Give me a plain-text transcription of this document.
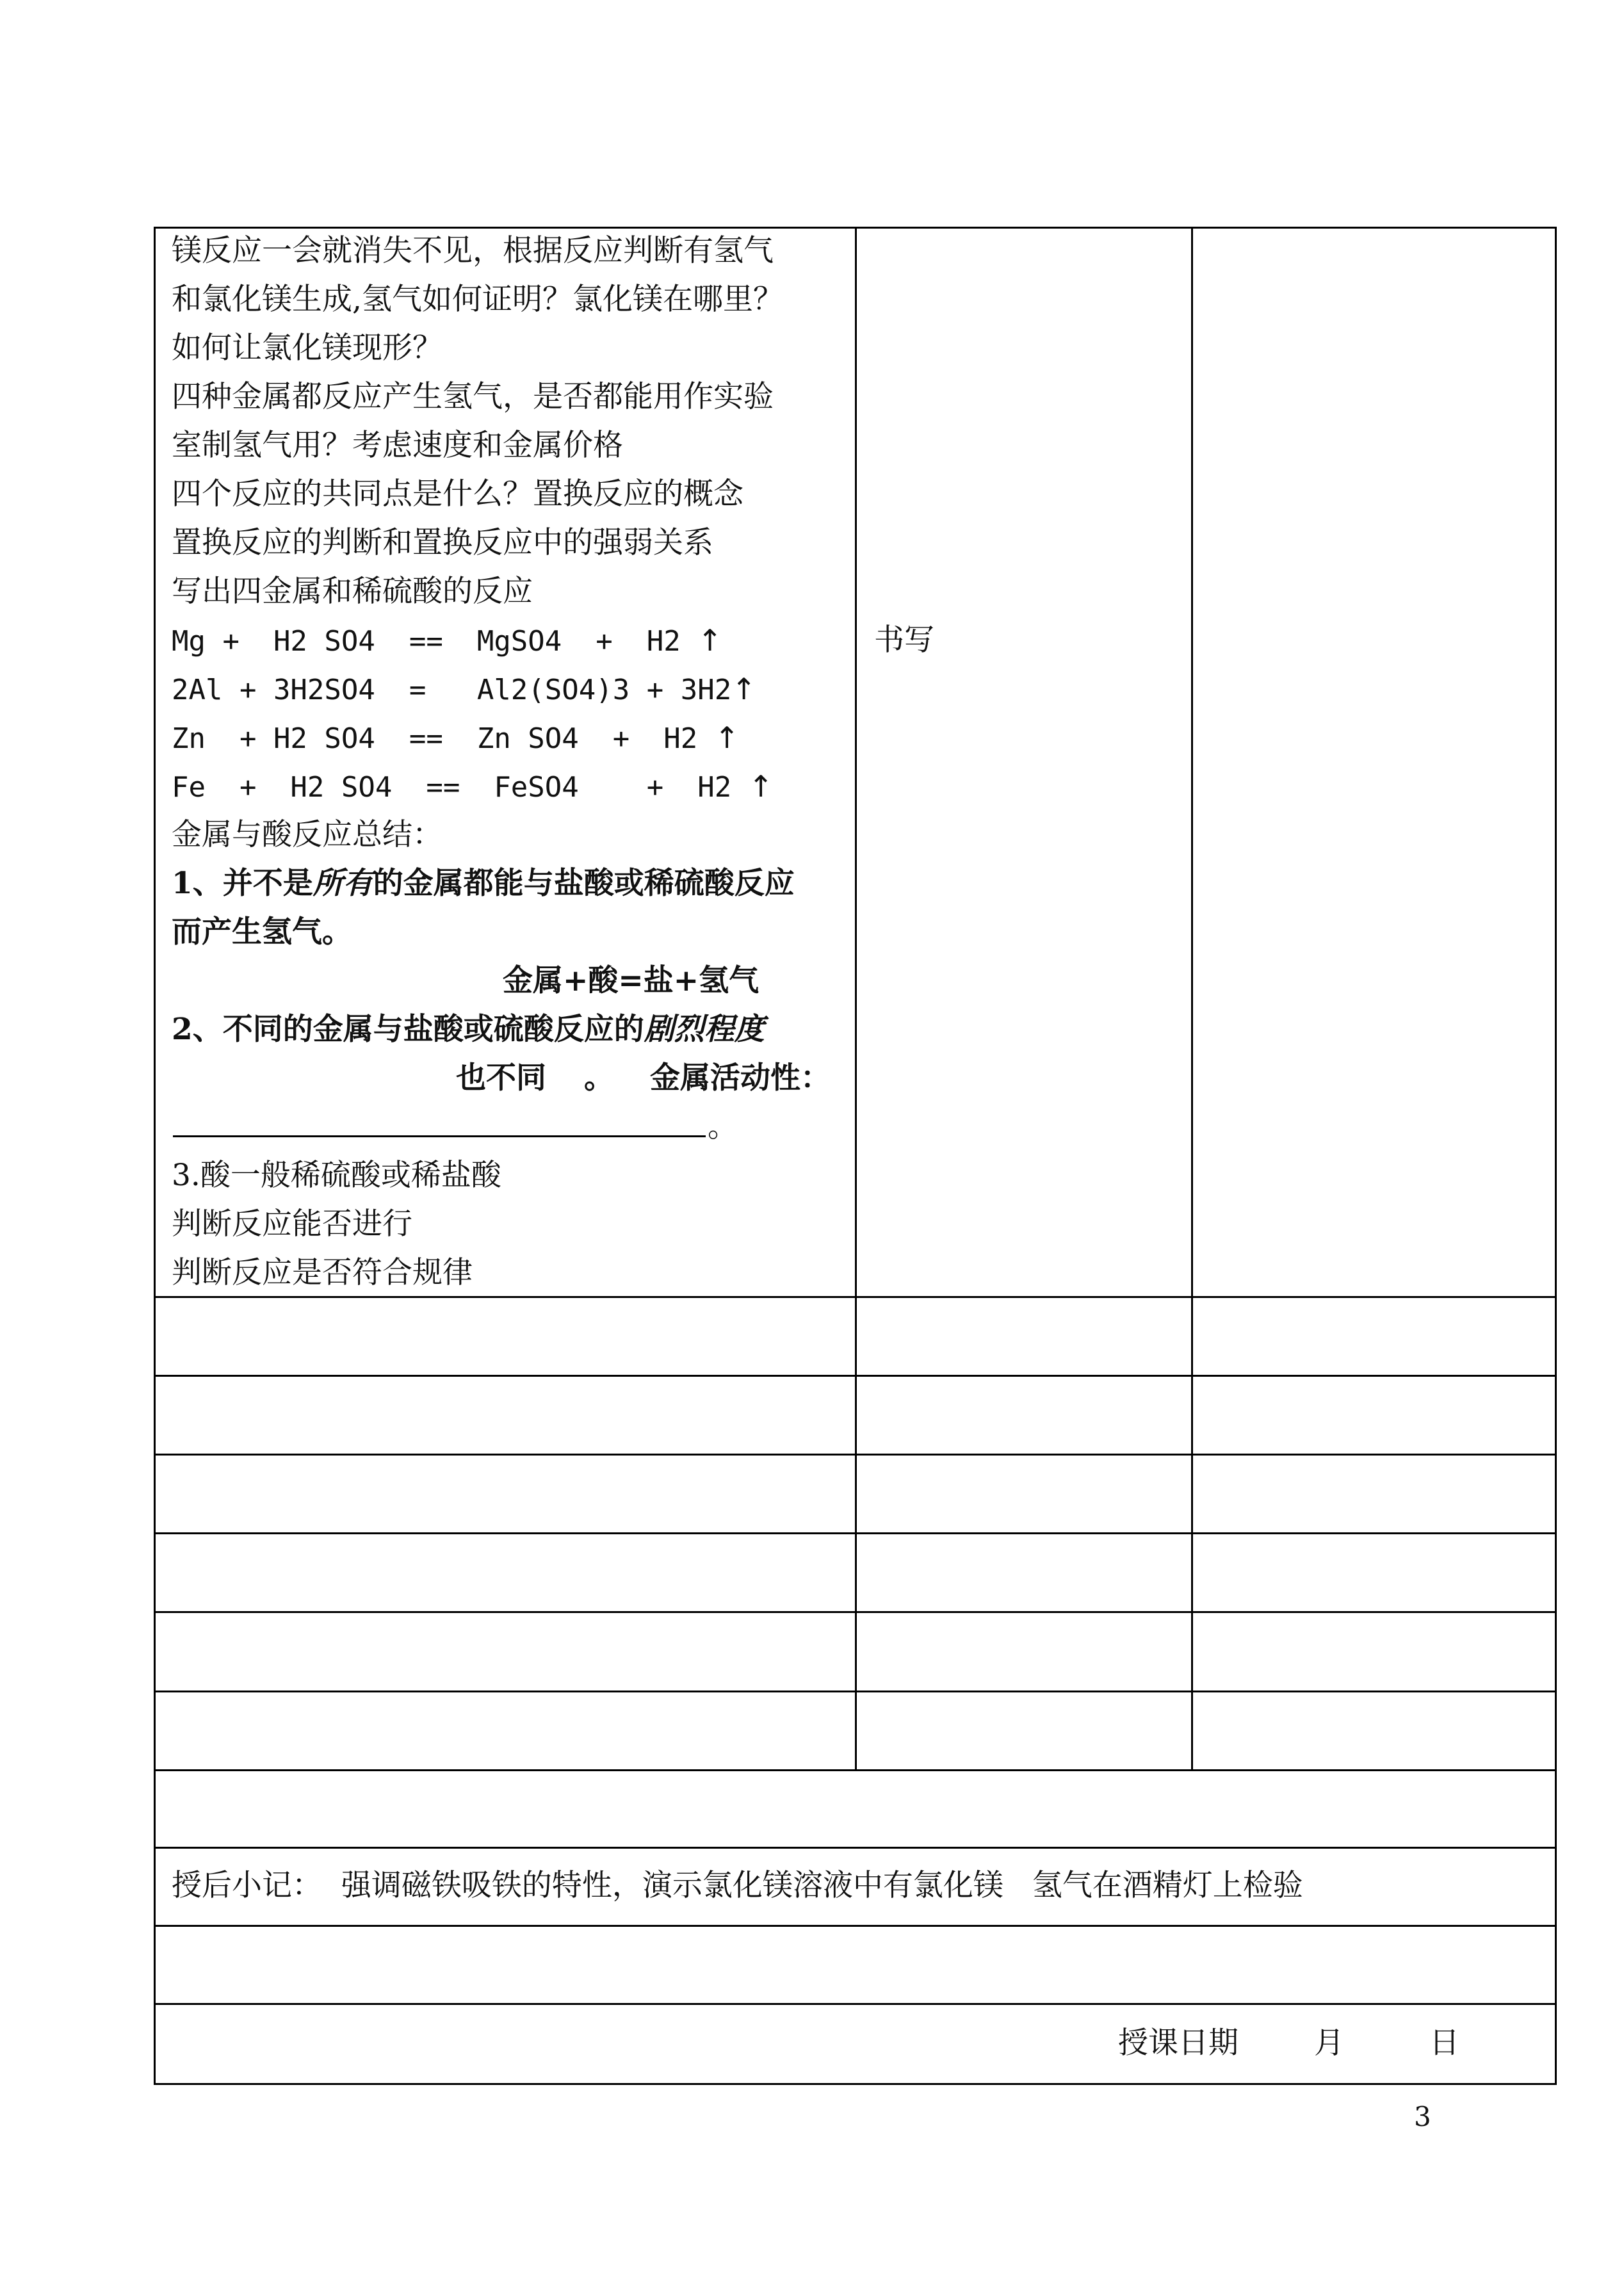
镁反应一会就消失不见，根据反应判断有氢气
和氯化镁生成,氢气如何证明？氯化镁在哪里？
如何让氯化镁现形？
四种金属都反应产生氢气，是否都能用作实验
室制氢气用？考虑速度和金属价格
四个反应的共同点是什么？置换反应的概念
置换反应的判断和置换反应中的强弱关系
写出四金属和稀硫酸的反应
Mg +  H2 SO4  ==  MgSO4  +  H2 ↑
2Al + 3H2SO4  =   Al2(SO4)3 + 3H2↑
Zn  + H2 SO4  ==  Zn SO4  +  H2 ↑
Fe  +  H2 SO4  ==  FeSO4    +  H2 ↑
金属与酸反应总结：
1、并不是所有的金属都能与盐酸或稀硫酸反应
而产生氢气。
金属+酸=盐+氢气
2、不同的金属与盐酸或硫酸反应的剧烈程度
也不同 。 金属活动性：
。
3.酸一般稀硫酸或稀盐酸
判断反应能否进行
判断反应是否符合规律
书写
授后小记：  强调磁铁吸铁的特性，演示氯化镁溶液中有氯化镁   氢气在酒精灯上检验
授课日期	月	日
3
